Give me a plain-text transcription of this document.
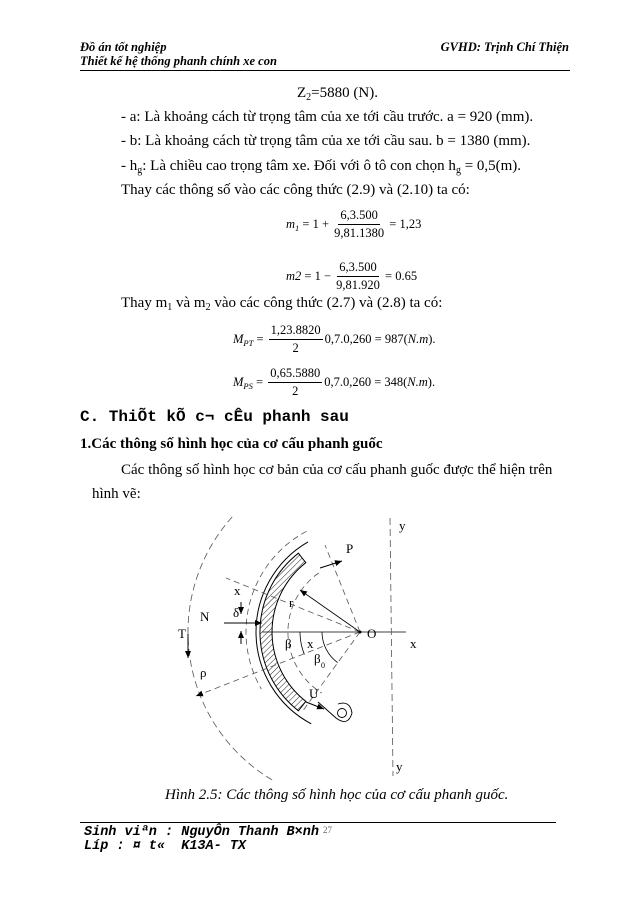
Đồ án tốt nghiệp	GVHD: Trịnh Chí Thiện
Thiết kế hệ thống phanh chính xe con
$Z_2=5880$ (N).
- a: Là khoảng cách từ trọng tâm của xe tới cầu trước. a = 920 (mm).
- b: Là khoảng cách từ trọng tâm của xe tới cầu sau. b = 1380 (mm).
- $h_g$: Là chiều cao trọng tâm xe. Đối với ô tô con chọn $h_g = 0,5(m)$.
Thay các thông số vào các công thức (2.9) và (2.10) ta có:
m $1 = 1 + \frac{6,3.500}{9,81.1380} = 1,23$
$m2 = 1 - \frac{6,3.500}{9,81.920} = 0.65$
Thay $m_1$ và $m_2$ vào các công thức (2.7) và (2.8) ta có:
M PT = $\frac{1,23.8820}{2} 0,7.0,260 = 987$( N.m ).
M PS = $\frac{0,65.5880}{2} 0,7.0,260 = 348$( N.m ).
C. ThiÕt kÕ c¬ cÊu phanh sau
1.Các thông số hình học của cơ cấu phanh guốc
Các thông số hình học cơ bản của cơ cấu phanh guốc được thể hiện trên
hình vẽ:
y
P
x
r
δ
N
T
β x
O
x
β 0
ρ
U
y
Hình 2.5: Các thông số hình học của cơ cấu phanh guốc.
Sinh viªn : NguyÔn Thanh B×nh 27
Líp : ¤ t«  K13A- TX
